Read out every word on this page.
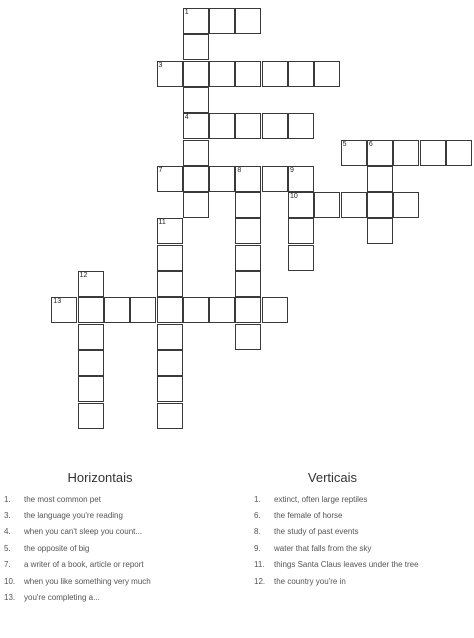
1
3
4
5	6
7	8	9
10
13
11
12
Horizontais
1.	the most common pet
3.	the language you're reading
4.	when you can't sleep you count...
5.	the opposite of big
7.	a writer of a book, article or report
10.	when you like something very much
13.	you're completing a...
Verticais
1.	extinct, often large reptiles
6.	the female of horse
8.	the study of past events
9.	water that falls from the sky
11.	things Santa Claus leaves under the tree
12.	the country you're in
